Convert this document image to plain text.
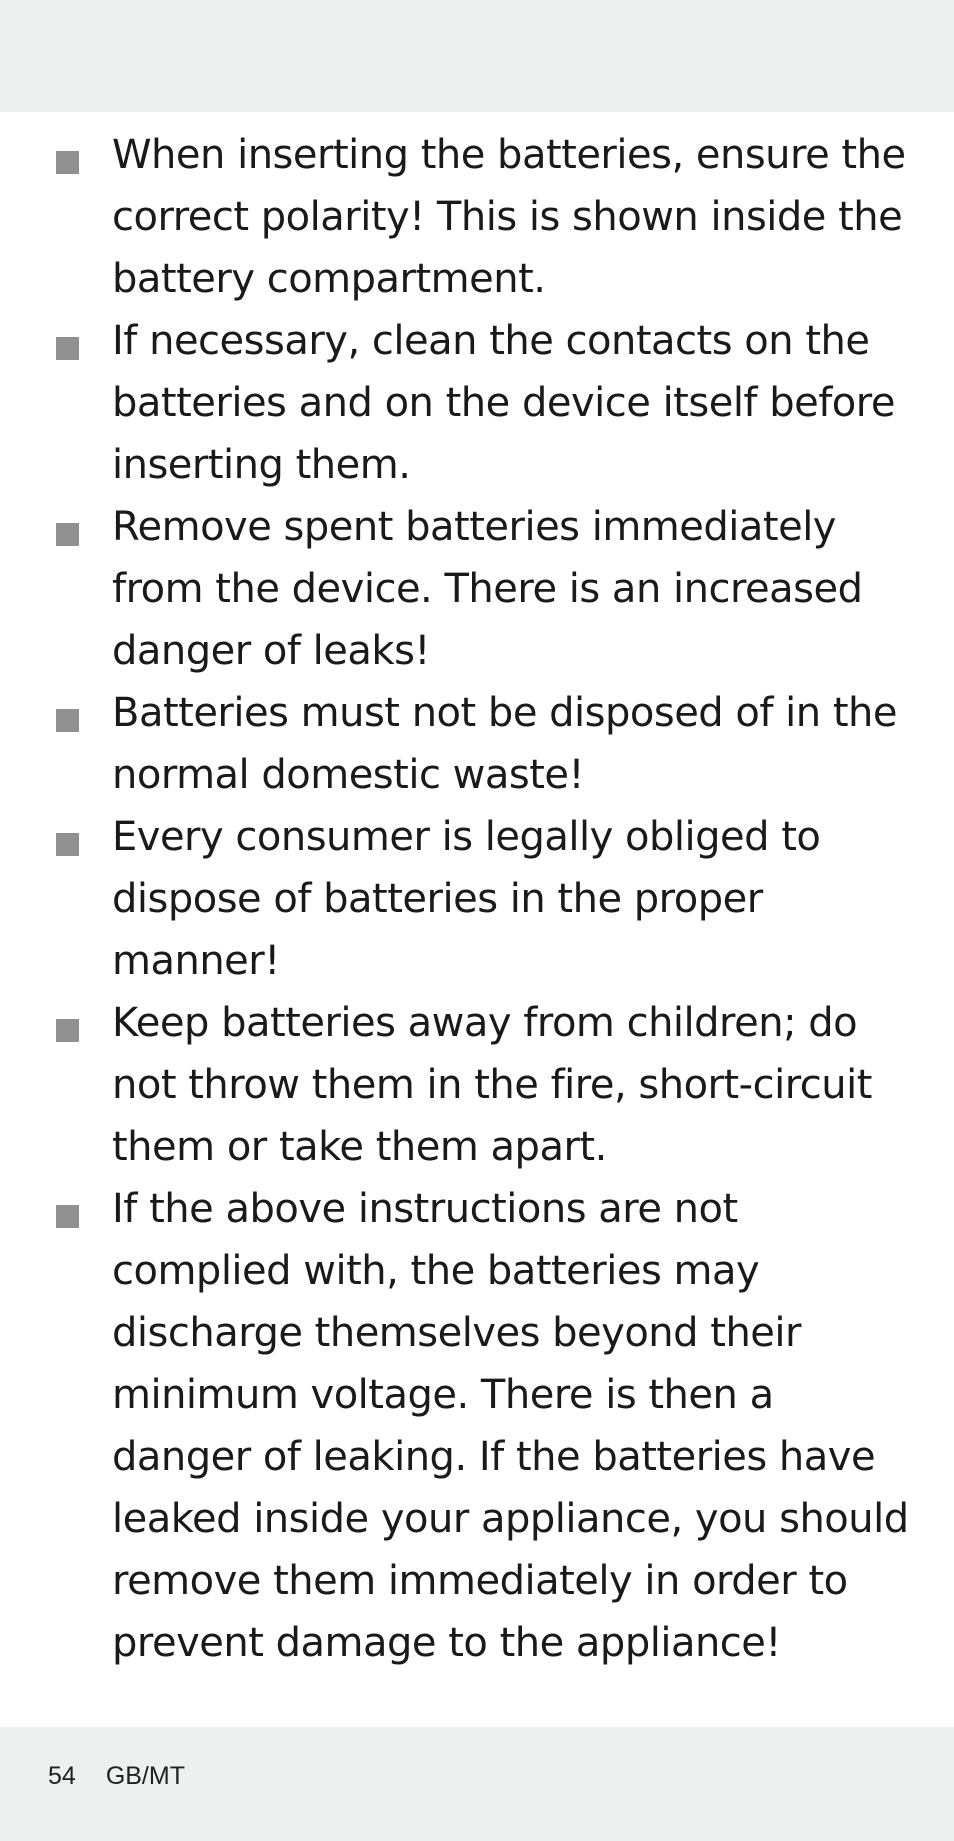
When inserting the batteries, ensure the correct polarity! This is shown inside the battery compartment.
If necessary, clean the contacts on the batteries and on the device itself before inserting them.
Remove spent batteries immediately from the device. There is an increased danger of leaks!
Batteries must not be disposed of in the normal domestic waste!
Every consumer is legally obliged to dispose of batteries in the proper manner!
Keep batteries away from children; do not throw them in the fire, short-circuit them or take them apart.
If the above instructions are not complied with, the batteries may discharge themselves beyond their minimum voltage. There is then a danger of leaking. If the batteries have leaked inside your appliance, you should remove them immediately in order to prevent damage to the appliance!
54 GB/MT
